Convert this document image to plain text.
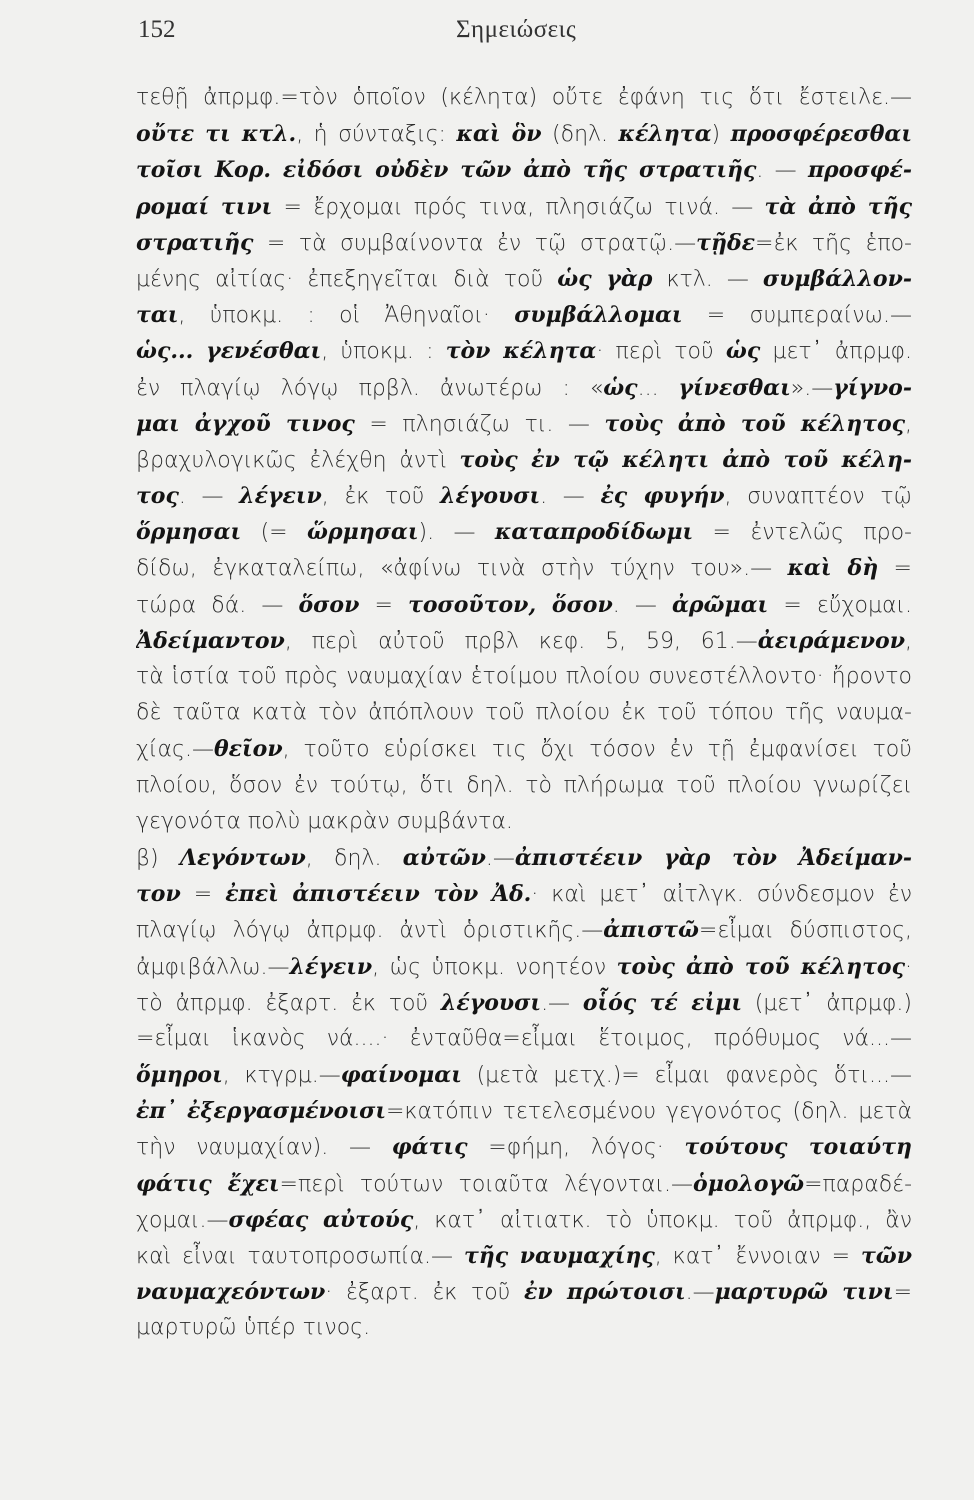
152	Σημειώσεις
τεθῇ ἀπρμφ.=τὸν ὁποῖον (κέλητα) οὔτε ἐφάνη τις ὅτι ἔστειλε.—
οὔτε τι κτλ., ἡ σύνταξις: καὶ ὃν (δηλ. κέλητα) προσφέρεσθαι
τοῖσι Κορ. εἰδόσι οὐδὲν τῶν ἀπὸ τῆς στρατιῆς. — προσφέ-
ρομαί τινι = ἔρχομαι πρός τινα, πλησιάζω τινά. — τὰ ἀπὸ τῆς
στρατιῆς = τὰ συμβαίνοντα ἐν τῷ στρατῷ.—τῇδε=ἐκ τῆς ἑπο-
μένης αἰτίας· ἐπεξηγεῖται διὰ τοῦ ὡς γὰρ κτλ. — συμβάλλον-
ται, ὑποκμ. : οἱ Ἀθηναῖοι· συμβάλλομαι = συμπεραίνω.—
ὡς... γενέσθαι, ὑποκμ. : τὸν κέλητα· περὶ τοῦ ὡς μετ᾽ ἀπρμφ.
ἐν πλαγίῳ λόγῳ πρβλ. ἀνωτέρω : «ὡς... γίνεσθαι».—γίγνο-
μαι ἀγχοῦ τινος = πλησιάζω τι. — τοὺς ἀπὸ τοῦ κέλητος,
βραχυλογικῶς ἐλέχθη ἀντὶ τοὺς ἐν τῷ κέλητι ἀπὸ τοῦ κέλη-
τος. — λέγειν, ἐκ τοῦ λέγουσι. — ἐς φυγήν, συναπτέον τῷ
ὅρμησαι (= ὥρμησαι). — καταπροδίδωμι = ἐντελῶς προ-
δίδω, ἐγκαταλείπω, «ἀφίνω τινὰ στὴν τύχην του».— καὶ δὴ =
τώρα δά. — ὅσον = τοσοῦτον, ὅσον. — ἀρῶμαι = εὔχομαι.
Ἀδείμαντον, περὶ αὐτοῦ πρβλ κεφ. 5, 59, 61.—ἀειράμενον,
τὰ ἱστία τοῦ πρὸς ναυμαχίαν ἑτοίμου πλοίου συνεστέλλοντο· ἤροντο
δὲ ταῦτα κατὰ τὸν ἀπόπλουν τοῦ πλοίου ἐκ τοῦ τόπου τῆς ναυμα-
χίας.—θεῖον, τοῦτο εὑρίσκει τις ὄχι τόσον ἐν τῇ ἐμφανίσει τοῦ
πλοίου, ὅσον ἐν τούτῳ, ὅτι δηλ. τὸ πλήρωμα τοῦ πλοίου γνωρίζει
γεγονότα πολὺ μακρὰν συμβάντα.
β) Λεγόντων, δηλ. αὐτῶν.—ἀπιστέειν γὰρ τὸν Ἀδείμαν-
τον = ἐπεὶ ἀπιστέειν τὸν Ἀδ.· καὶ μετ᾽ αἰτλγκ. σύνδεσμον ἐν
πλαγίῳ λόγῳ ἀπρμφ. ἀντὶ ὁριστικῆς.—ἀπιστῶ=εἶμαι δύσπιστος,
ἀμφιβάλλω.—λέγειν, ὡς ὑποκμ. νοητέον τοὺς ἀπὸ τοῦ κέλητος·
τὸ ἀπρμφ. ἐξαρτ. ἐκ τοῦ λέγουσι.— οἷός τέ εἰμι (μετ᾽ ἀπρμφ.)
=εἶμαι ἱκανὸς νά....· ἐνταῦθα=εἶμαι ἕτοιμος, πρόθυμος νά...—
ὅμηροι, κτγρμ.—φαίνομαι (μετὰ μετχ.)= εἶμαι φανερὸς ὅτι...—
ἐπ᾽ ἐξεργασμένοισι=κατόπιν τετελεσμένου γεγονότος (δηλ. μετὰ
τὴν ναυμαχίαν). — φάτις =φήμη, λόγος· τούτους τοιαύτη
φάτις ἔχει=περὶ τούτων τοιαῦτα λέγονται.—ὁμολογῶ=παραδέ-
χομαι.—σφέας αὐτούς, κατ᾽ αἰτιατκ. τὸ ὑποκμ. τοῦ ἀπρμφ., ἂν
καὶ εἶναι ταυτοπροσωπία.— τῆς ναυμαχίης, κατ᾽ ἔννοιαν = τῶν
ναυμαχεόντων· ἐξαρτ. ἐκ τοῦ ἐν πρώτοισι.—μαρτυρῶ τινι=
μαρτυρῶ ὑπέρ τινος.
